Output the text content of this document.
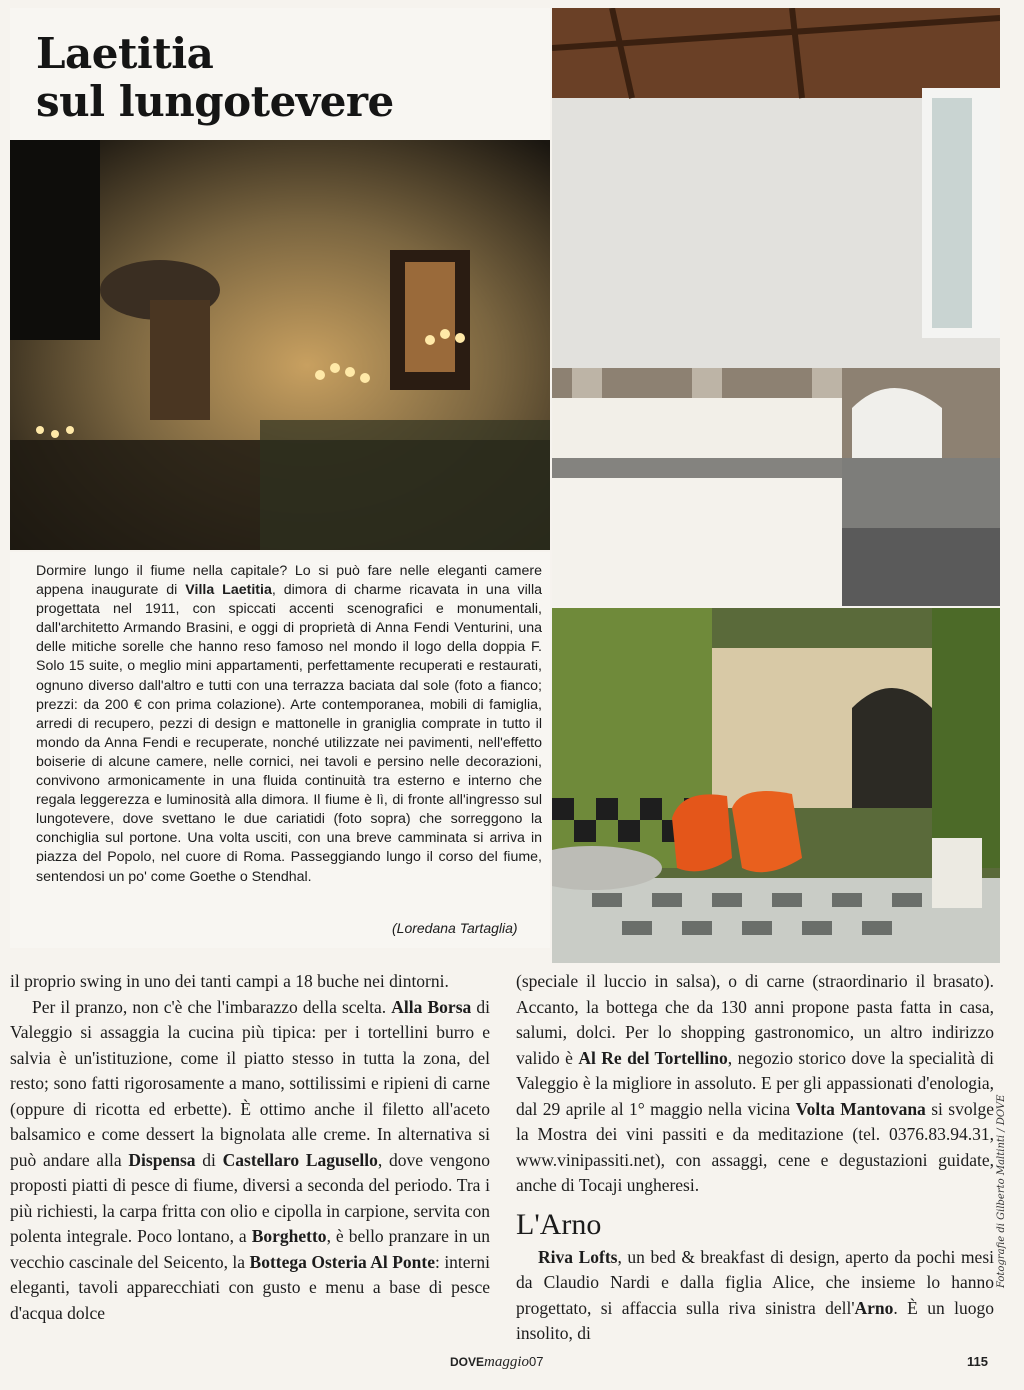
Laetitia
sul lungotevere
Fotografie di Gilberto Maltinti / DOVE
Dormire lungo il fiume nella capitale? Lo si può fare nelle eleganti camere appena inaugurate di Villa Laetitia, dimora di charme ricavata in una villa progettata nel 1911, con spiccati accenti scenografici e monumentali, dall'architetto Armando Brasini, e oggi di proprietà di Anna Fendi Venturini, una delle mitiche sorelle che hanno reso famoso nel mondo il logo della doppia F. Solo 15 suite, o meglio mini appartamenti, perfettamente recuperati e restaurati, ognuno diverso dall'altro e tutti con una terrazza baciata dal sole (foto a fianco; prezzi: da 200 € con prima colazione). Arte contemporanea, mobili di famiglia, arredi di recupero, pezzi di design e mattonelle in graniglia comprate in tutto il mondo da Anna Fendi e recuperate, nonché utilizzate nei pavimenti, nell'effetto boiserie di alcune camere, nelle cornici, nei tavoli e persino nelle decorazioni, convivono armonicamente in una fluida continuità tra esterno e interno che regala leggerezza e luminosità alla dimora. Il fiume è lì, di fronte all'ingresso sul lungotevere, dove svettano le due cariatidi (foto sopra) che sorreggono la conchiglia sul portone. Una volta usciti, con una breve camminata si arriva in piazza del Popolo, nel cuore di Roma. Passeggiando lungo il corso del fiume, sentendosi un po' come Goethe o Stendhal.
(Loredana Tartaglia)

il proprio swing in uno dei tanti campi a 18 buche nei dintorni.

Per il pranzo, non c'è che l'imbarazzo della scelta. Alla Borsa di Valeggio si assaggia la cucina più tipica: per i tortellini burro e salvia è un'istituzione, come il piatto stesso in tutta la zona, del resto; sono fatti rigorosamente a mano, sottilissimi e ripieni di carne (oppure di ricotta ed erbette). È ottimo anche il filetto all'aceto balsamico e come dessert la bignolata alle creme. In alternativa si può andare alla Dispensa di Castellaro Lagusello, dove vengono proposti piatti di pesce di fiume, diversi a seconda del periodo. Tra i più richiesti, la carpa fritta con olio e cipolla in carpione, servita con polenta integrale. Poco lontano, a Borghetto, è bello pranzare in un vecchio cascinale del Seicento, la Bottega Osteria Al Ponte: interni eleganti, tavoli apparecchiati con gusto e menu a base di pesce d'acqua dolce

(speciale il luccio in salsa), o di carne (straordinario il brasato). Accanto, la bottega che da 130 anni propone pasta fatta in casa, salumi, dolci. Per lo shopping gastronomico, un altro indirizzo valido è Al Re del Tortellino, negozio storico dove la specialità di Valeggio è la migliore in assoluto. E per gli appassionati d'enologia, dal 29 aprile al 1° maggio nella vicina Volta Mantovana si svolge la Mostra dei vini passiti e da meditazione (tel. 0376.83.94.31, www.vinipassiti.net), con assaggi, cene e degustazioni guidate, anche di Tocaji ungheresi.

L'Arno

Riva Lofts, un bed & breakfast di design, aperto da pochi mesi da Claudio Nardi e dalla figlia Alice, che insieme lo hanno progettato, si affaccia sulla riva sinistra dell'Arno. È un luogo insolito, di

DOVEmaggio07	115
